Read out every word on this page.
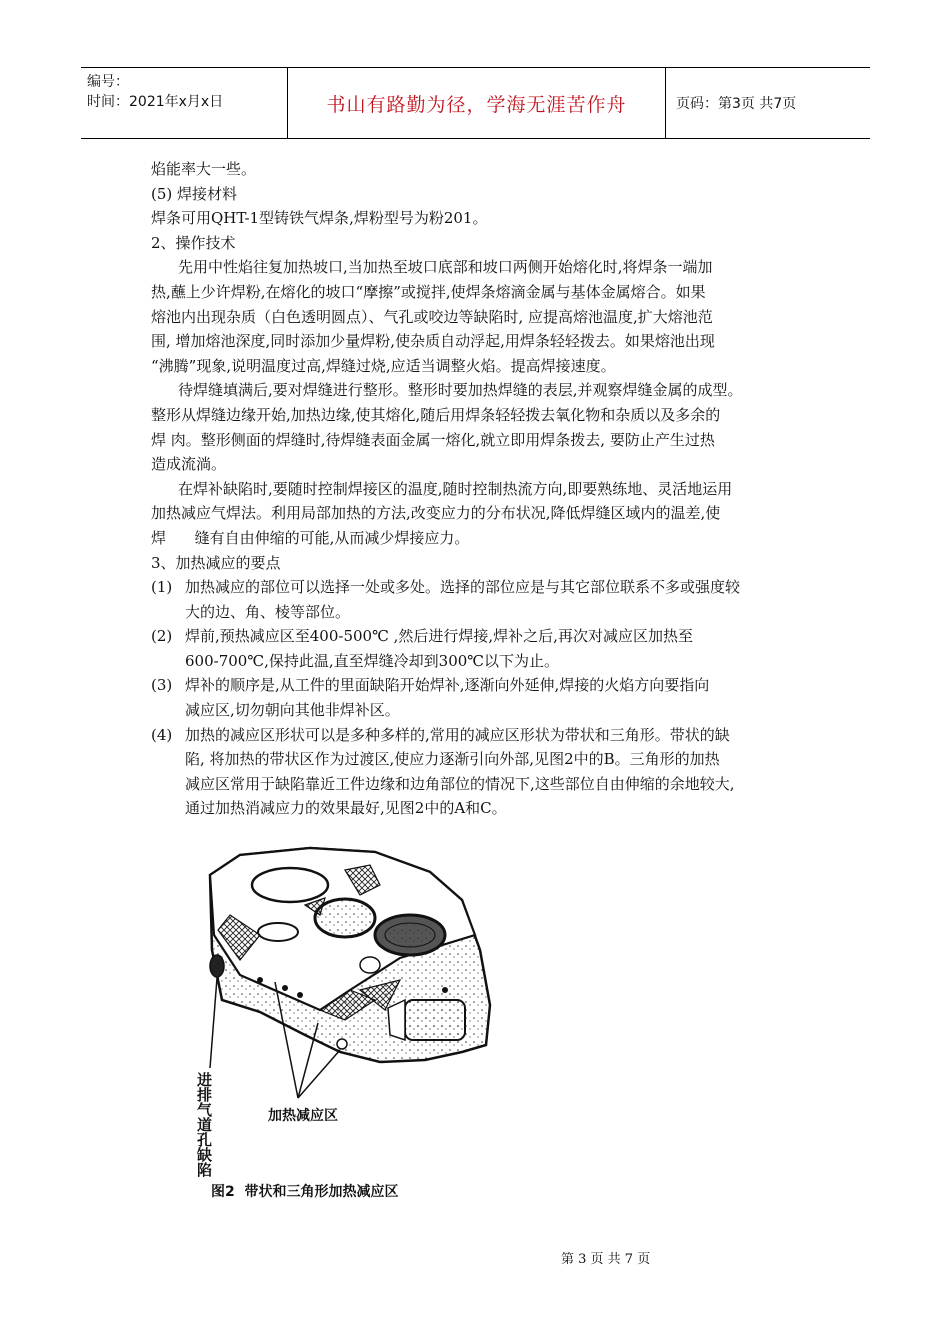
编号：
时间：2021年x月x日	书山有路勤为径，学海无涯苦作舟	页码：第3页 共7页
焰能率大一些。
(5) 焊接材料
焊条可用QHT-1型铸铁气焊条,焊粉型号为粉201。
2、操作技术
先用中性焰往复加热坡口,当加热至坡口底部和坡口两侧开始熔化时,将焊条一端加
热,蘸上少许焊粉,在熔化的坡口“摩擦”或搅拌,使焊条熔滴金属与基体金属熔合。如果
熔池内出现杂质（白色透明圆点）、气孔或咬边等缺陷时, 应提高熔池温度,扩大熔池范
围, 增加熔池深度,同时添加少量焊粉,使杂质自动浮起,用焊条轻轻拨去。如果熔池出现
“沸腾”现象,说明温度过高,焊缝过烧,应适当调整火焰。提高焊接速度。
待焊缝填满后,要对焊缝进行整形。整形时要加热焊缝的表层,并观察焊缝金属的成型。
整形从焊缝边缘开始,加热边缘,使其熔化,随后用焊条轻轻拨去氧化物和杂质以及多余的
焊 肉。整形侧面的焊缝时,待焊缝表面金属一熔化,就立即用焊条拨去, 要防止产生过热
造成流淌。
在焊补缺陷时,要随时控制焊接区的温度,随时控制热流方向,即要熟练地、灵活地运用
加热减应气焊法。利用局部加热的方法,改变应力的分布状况,降低焊缝区域内的温差,使
焊      缝有自由伸缩的可能,从而减少焊接应力。
3、加热减应的要点
(1) 加热减应的部位可以选择一处或多处。选择的部位应是与其它部位联系不多或强度较
大的边、角、棱等部位。
(2) 焊前,预热减应区至400-500℃ ,然后进行焊接,焊补之后,再次对减应区加热至
600-700℃,保持此温,直至焊缝冷却到300℃以下为止。
(3) 焊补的顺序是,从工件的里面缺陷开始焊补,逐渐向外延伸,焊接的火焰方向要指向
减应区,切勿朝向其他非焊补区。
(4) 加热的减应区形状可以是多种多样的,常用的减应区形状为带状和三角形。带状的缺
陷, 将加热的带状区作为过渡区,使应力逐渐引向外部,见图2中的B。三角形的加热
减应区常用于缺陷靠近工件边缘和边角部位的情况下,这些部位自由伸缩的余地较大,
通过加热消减应力的效果最好,见图2中的A和C。
进排气道孔缺陷	加热减应区
图2  带状和三角形加热减应区
第 3 页 共 7 页
